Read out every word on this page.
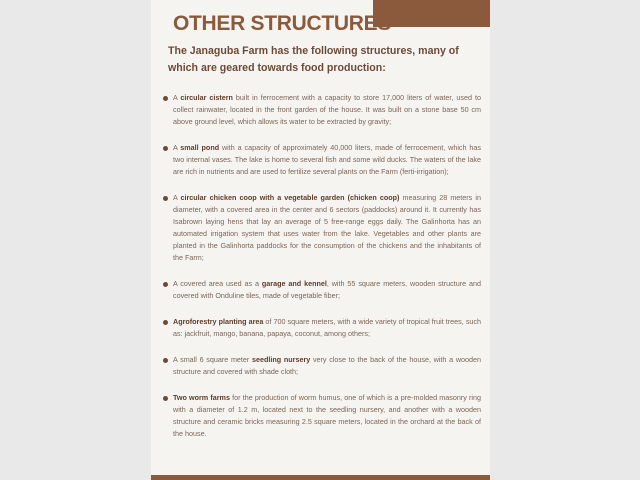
OTHER STRUCTURES

The Janaguba Farm has the following structures, many of which are geared towards food production:

A circular cistern built in ferrocement with a capacity to store 17,000 liters of water, used to collect rainwater, located in the front garden of the house. It was built on a stone base 50 cm above ground level, which allows its water to be extracted by gravity;
A small pond with a capacity of approximately 40,000 liters, made of ferrocement, which has two internal vases. The lake is home to several fish and some wild ducks. The waters of the lake are rich in nutrients and are used to fertilize several plants on the Farm (ferti-irrigation);
A circular chicken coop with a vegetable garden (chicken coop) measuring 28 meters in diameter, with a covered area in the center and 6 sectors (paddocks) around it. It currently has Isabrown laying hens that lay an average of 5 free-range eggs daily. The Galinhorta has an automated irrigation system that uses water from the lake. Vegetables and other plants are planted in the Galinhorta paddocks for the consumption of the chickens and the inhabitants of the Farm;
A covered area used as a garage and kennel, with 55 square meters, wooden structure and covered with Onduline tiles, made of vegetable fiber;
Agroforestry planting area of 700 square meters, with a wide variety of tropical fruit trees, such as: jackfruit, mango, banana, papaya, coconut, among others;
A small 6 square meter seedling nursery very close to the back of the house, with a wooden structure and covered with shade cloth;
Two worm farms for the production of worm humus, one of which is a pre-molded masonry ring with a diameter of 1.2 m, located next to the seedling nursery, and another with a wooden structure and ceramic bricks measuring 2.5 square meters, located in the orchard at the back of the house.
